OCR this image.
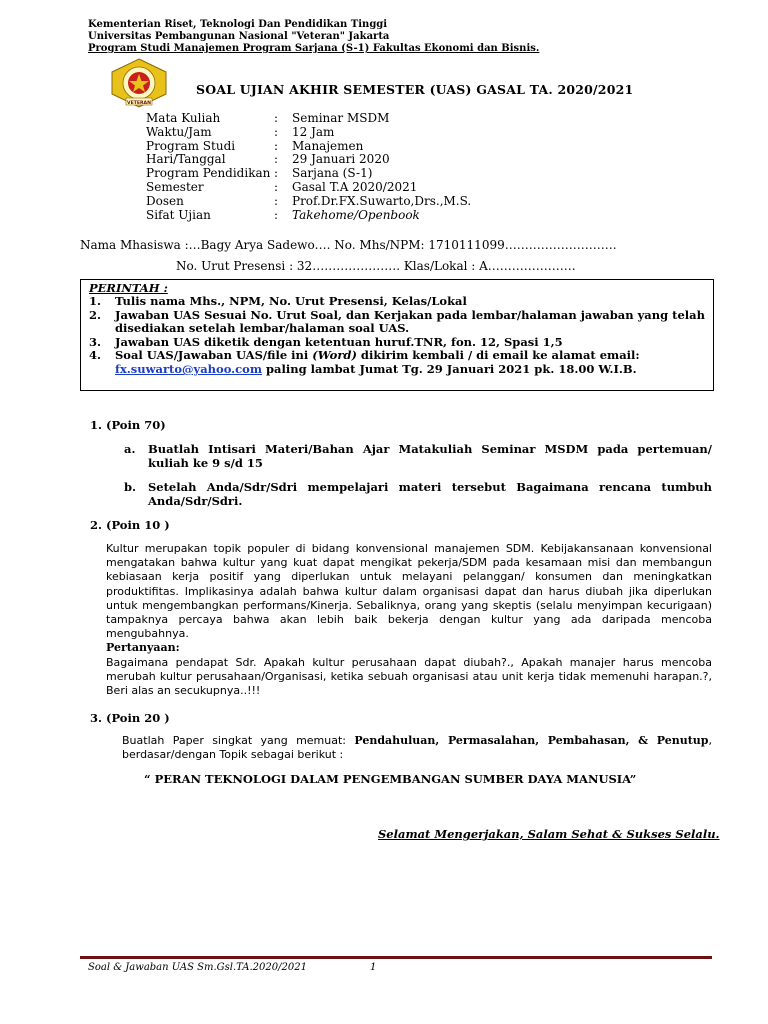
Kementerian Riset, Teknologi Dan Pendidikan Tinggi
Universitas Pembangunan Nasional "Veteran" Jakarta
Program Studi Manajemen Program Sarjana (S-1) Fakultas Ekonomi dan Bisnis.
VETERAN
SOAL UJIAN AKHIR SEMESTER (UAS) GASAL TA. 2020/2021
Mata Kuliah	:	Seminar MSDM
Waktu/Jam	:	12 Jam
Program Studi	:	Manajemen
Hari/Tanggal	:	29 Januari 2020
Program Pendidikan :	Sarjana (S-1)
Semester	:	Gasal T.A 2020/2021
Dosen	:	Prof.Dr.FX.Suwarto,Drs.,M.S.
Sifat Ujian	:	Takehome/Openbook
Nama Mhasiswa :…Bagy Arya Sadewo…. No. Mhs/NPM: 1710111099……………………….
No. Urut Presensi : 32…………………. Klas/Lokal : A………………….
PERINTAH :
1.	Tulis nama Mhs., NPM, No. Urut Presensi, Kelas/Lokal
2.	Jawaban UAS Sesuai No. Urut Soal, dan Kerjakan pada lembar/halaman jawaban yang telah disediakan setelah lembar/halaman soal UAS.
3.	Jawaban UAS diketik dengan ketentuan huruf.TNR, fon. 12, Spasi 1,5
4.	Soal UAS/Jawaban UAS/file ini (Word) dikirim kembali / di email ke alamat email:
fx.suwarto@yahoo.com paling lambat Jumat Tg. 29 Januari 2021 pk. 18.00 W.I.B.
1. (Poin 70)
a.	Buatlah Intisari Materi/Bahan Ajar Matakuliah Seminar MSDM pada pertemuan/ kuliah ke 9 s/d 15
b.	Setelah Anda/Sdr/Sdri mempelajari materi tersebut Bagaimana rencana tumbuh Anda/Sdr/Sdri.
2. (Poin 10 )
Kultur merupakan topik populer di bidang konvensional manajemen SDM. Kebijakansanaan konvensional mengatakan bahwa kultur yang kuat dapat mengikat pekerja/SDM pada kesamaan misi dan membangun kebiasaan kerja positif yang diperlukan untuk melayani pelanggan/ konsumen dan meningkatkan produktifitas. Implikasinya adalah bahwa kultur dalam organisasi dapat dan harus diubah jika diperlukan untuk mengembangkan performans/Kinerja. Sebaliknya, orang yang skeptis (selalu menyimpan kecurigaan) tampaknya percaya bahwa akan lebih baik bekerja dengan kultur yang ada daripada mencoba mengubahnya.
Pertanyaan:
Bagaimana pendapat Sdr. Apakah kultur perusahaan dapat diubah?., Apakah manajer harus mencoba merubah kultur perusahaan/Organisasi, ketika sebuah organisasi atau unit kerja tidak memenuhi harapan.?, Beri alas an secukupnya..!!!
3. (Poin 20 )
Buatlah Paper singkat yang memuat: Pendahuluan, Permasalahan, Pembahasan, & Penutup, berdasar/dengan Topik sebagai berikut :
“ PERAN TEKNOLOGI DALAM PENGEMBANGAN SUMBER DAYA MANUSIA”
Selamat Mengerjakan, Salam Sehat & Sukses Selalu.
Soal & Jawaban UAS Sm.Gsl.TA.2020/2021	1
